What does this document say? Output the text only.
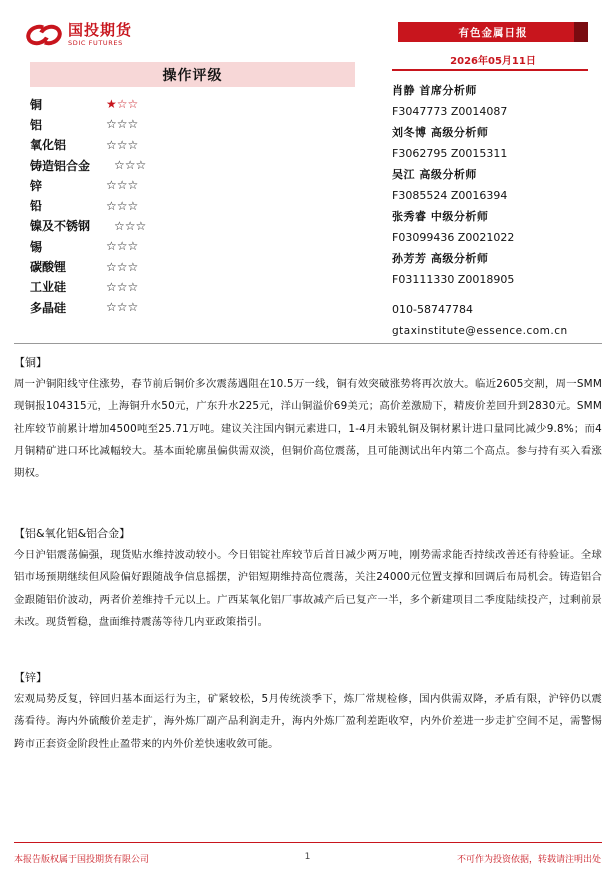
国投期货
SDIC FUTURES
有色金属日报
2026年05月11日
操作评级
铜	★☆☆
铝	☆☆☆
氧化铝	☆☆☆
铸造铝合金	☆☆☆
锌	☆☆☆
铅	☆☆☆
镍及不锈钢	☆☆☆
锡	☆☆☆
碳酸锂	☆☆☆
工业硅	☆☆☆
多晶硅	☆☆☆
肖静 首席分析师
F3047773 Z0014087
刘冬博 高级分析师
F3062795 Z0015311
吴江 高级分析师
F3085524 Z0016394
张秀睿 中级分析师
F03099436 Z0021022
孙芳芳 高级分析师
F03111330 Z0018905
010-58747784
gtaxinstitute@essence.com.cn
【铜】
周一沪铜阳线守住涨势，春节前后铜价多次震荡遇阻在10.5万一线，铜有效突破涨势将再次放大。临近2605交割，周一SMM现铜报104315元，上海铜升水50元，广东升水225元，洋山铜溢价69美元；高价差激励下，精废价差回升到2830元。SMM社库较节前累计增加4500吨至25.71万吨。建议关注国内铜元素进口，1-4月未锻轧铜及铜材累计进口量同比减少9.8%；而4月铜精矿进口环比减幅较大。基本面轮廓虽偏供需双淡，但铜价高位震荡，且可能测试出年内第二个高点。参与持有买入看涨期权。
【铝&氧化铝&铝合金】
今日沪铝震荡偏强，现货贴水维持波动较小。今日铝锭社库较节后首日减少两万吨，刚势需求能否持续改善还有待验证。全球铝市场预期继续但风险偏好跟随战争信息摇摆，沪铝短期维持高位震荡，关注24000元位置支撑和回调后布局机会。铸造铝合金跟随铝价波动，两者价差维持千元以上。广西某氧化铝厂事故减产后已复产一半，多个新建项目二季度陆续投产，过剩前景未改。现货暂稳，盘面维持震荡等待几内亚政策指引。
【锌】
宏观局势反复，锌回归基本面运行为主，矿紧较松，5月传统淡季下，炼厂常规检修，国内供需双降，矛盾有限，沪锌仍以震荡看待。海内外硫酸价差走扩，海外炼厂副产品利润走升，海内外炼厂盈利差距收窄，内外价差进一步走扩空间不足，需警惕跨市正套资金阶段性止盈带来的内外价差快速收敛可能。
本报告版权属于国投期货有限公司	1	不可作为投资依据，转载请注明出处
